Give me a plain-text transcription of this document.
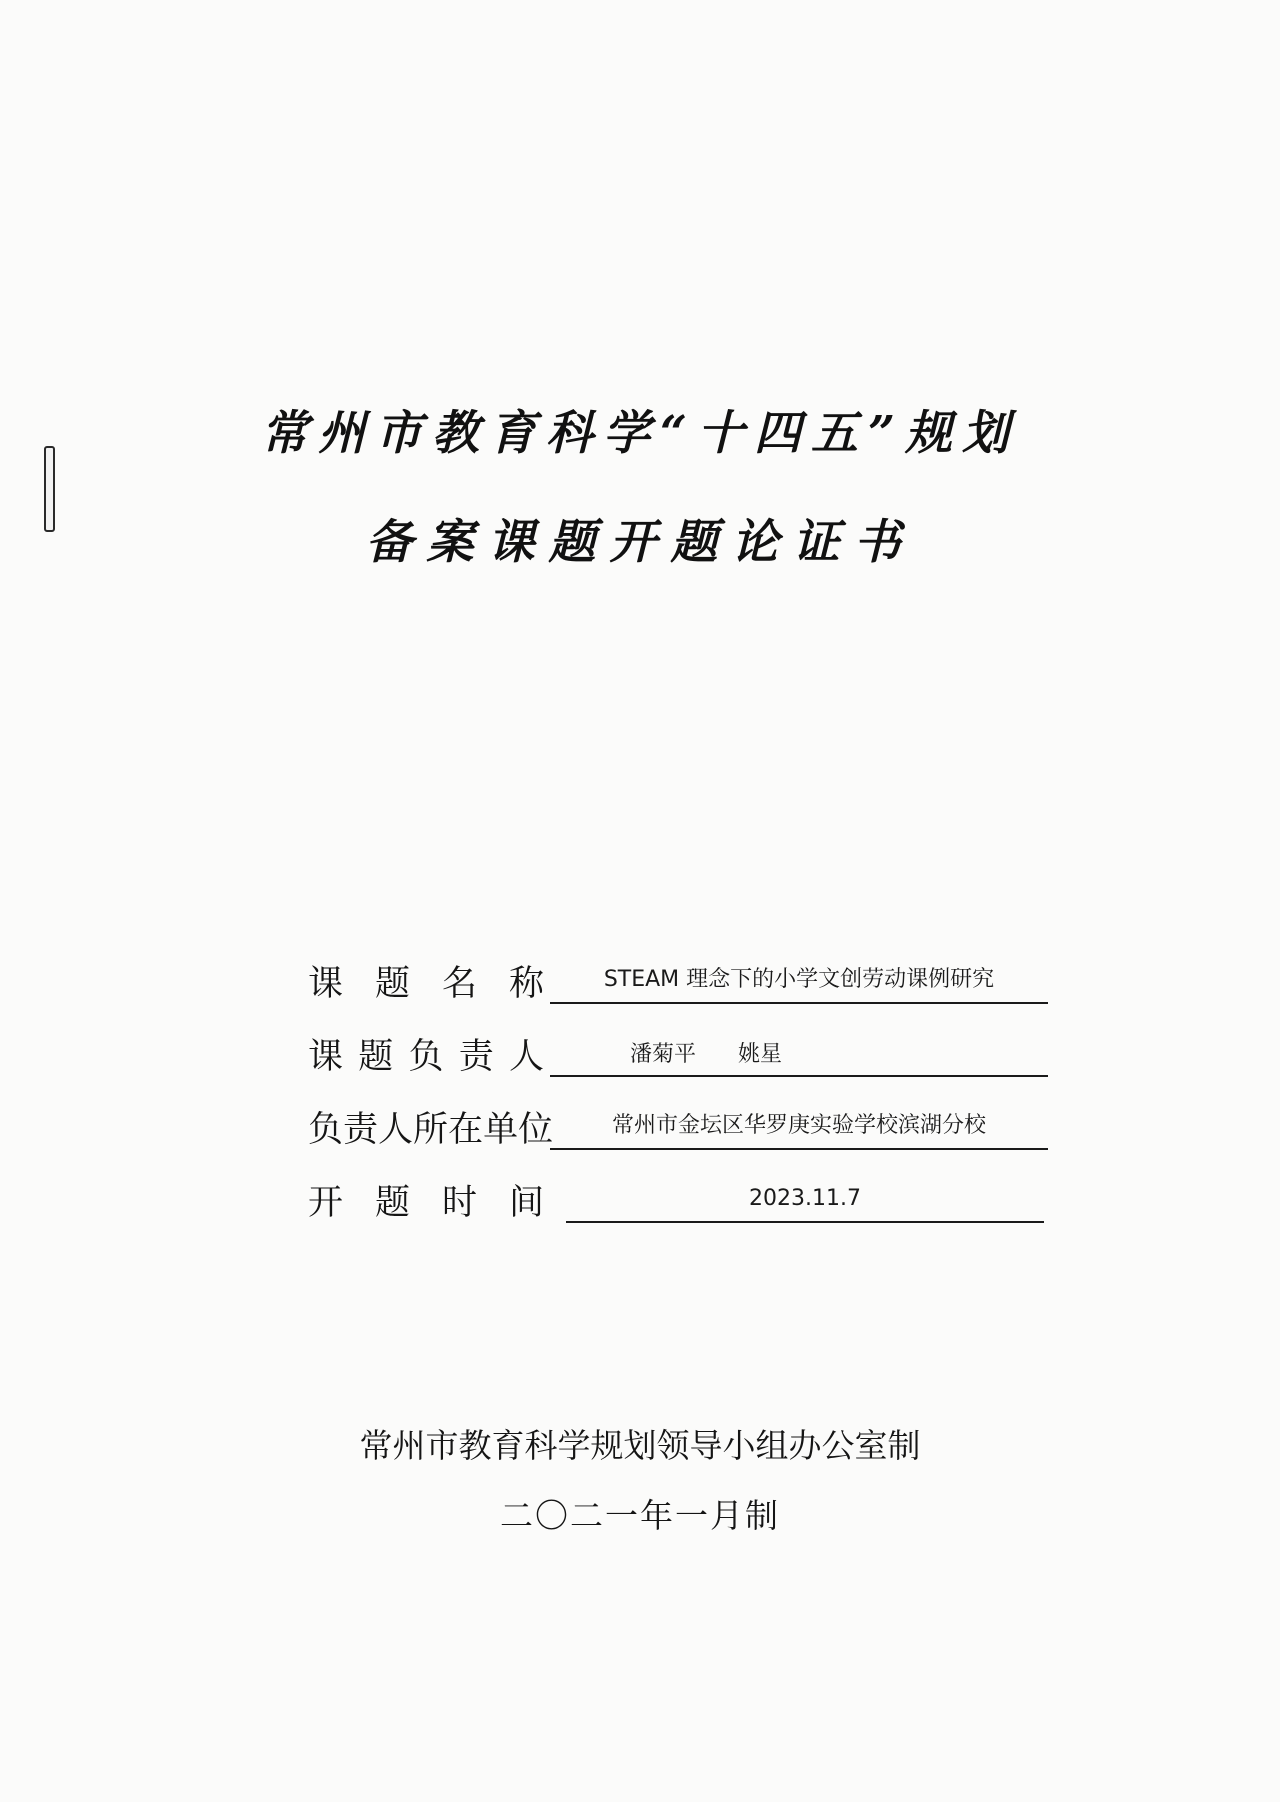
常州市教育科学“十四五”规划
备案课题开题论证书
课 题 名 称	STEAM 理念下的小学文创劳动课例研究
课 题 负 责 人	潘菊平      姚星
负 责 人 所 在 单 位	常州市金坛区华罗庚实验学校滨湖分校
开 题 时 间	2023.11.7
常州市教育科学规划领导小组办公室制
二〇二一年一月制
